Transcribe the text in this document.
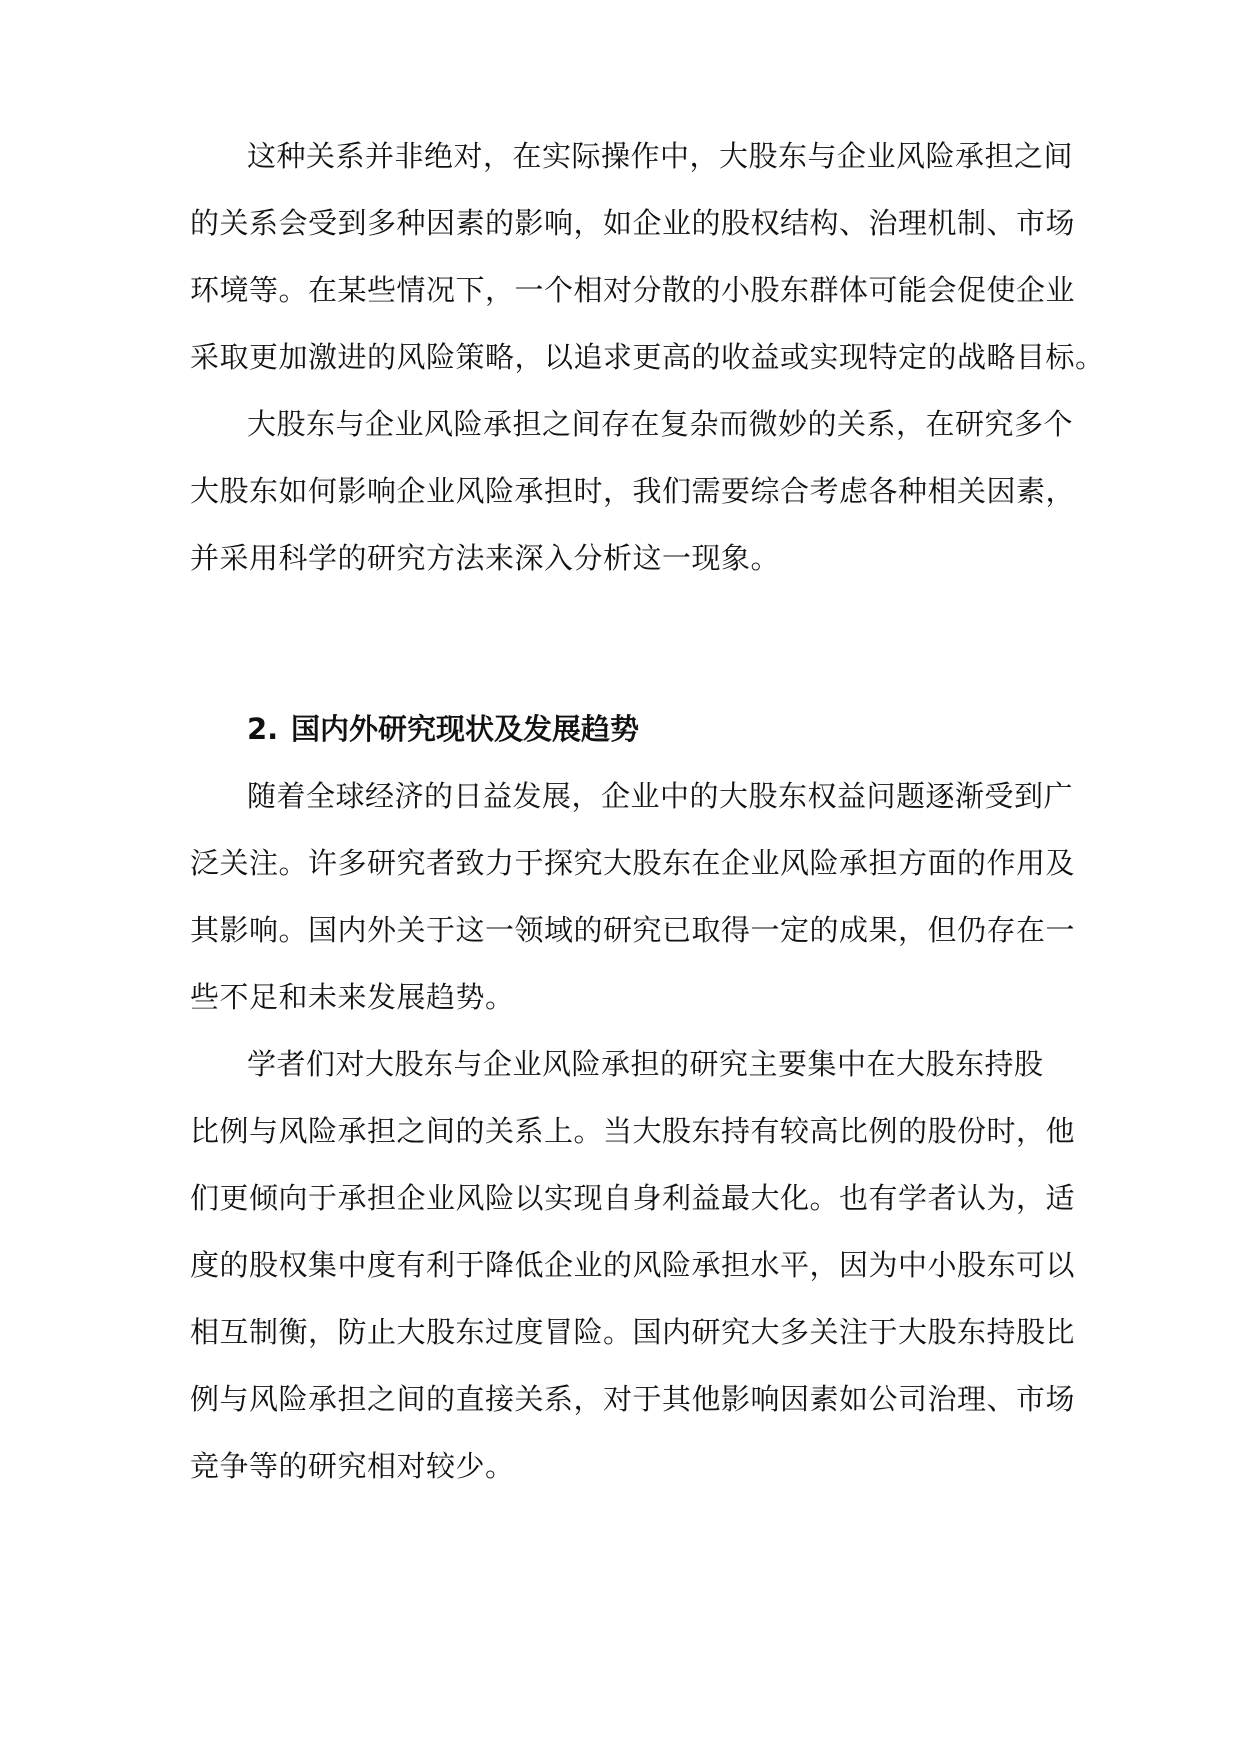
这种关系并非绝对，在实际操作中，大股东与企业风险承担之间

的关系会受到多种因素的影响，如企业的股权结构、治理机制、市场

环境等。在某些情况下，一个相对分散的小股东群体可能会促使企业

采取更加激进的风险策略，以追求更高的收益或实现特定的战略目标。

大股东与企业风险承担之间存在复杂而微妙的关系，在研究多个

大股东如何影响企业风险承担时，我们需要综合考虑各种相关因素，

并采用科学的研究方法来深入分析这一现象。

2. 国内外研究现状及发展趋势

随着全球经济的日益发展，企业中的大股东权益问题逐渐受到广

泛关注。许多研究者致力于探究大股东在企业风险承担方面的作用及

其影响。国内外关于这一领域的研究已取得一定的成果，但仍存在一

些不足和未来发展趋势。

学者们对大股东与企业风险承担的研究主要集中在大股东持股

比例与风险承担之间的关系上。当大股东持有较高比例的股份时，他

们更倾向于承担企业风险以实现自身利益最大化。也有学者认为，适

度的股权集中度有利于降低企业的风险承担水平，因为中小股东可以

相互制衡，防止大股东过度冒险。国内研究大多关注于大股东持股比

例与风险承担之间的直接关系，对于其他影响因素如公司治理、市场

竞争等的研究相对较少。
